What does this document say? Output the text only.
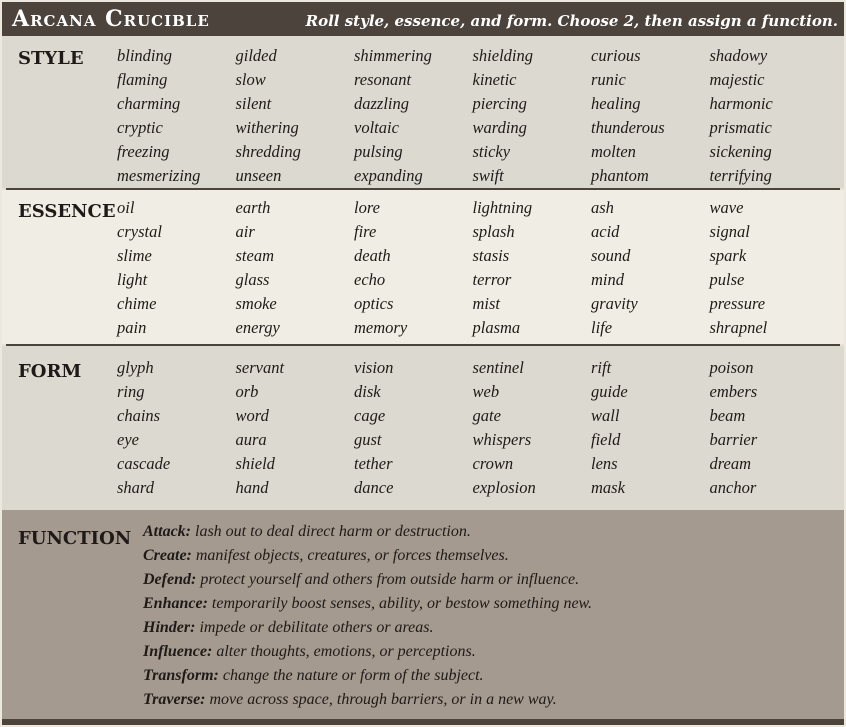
Arcana Crucible	Roll style, essence, and form. Choose 2, then assign a function.
STYLE blinding	gilded	shimmering	shielding	curious	shadowy
flaming	slow	resonant	kinetic	runic	majestic
charming	silent	dazzling	piercing	healing	harmonic
cryptic	withering	voltaic	warding	thunderous	prismatic
freezing	shredding	pulsing	sticky	molten	sickening
mesmerizing	unseen	expanding	swift	phantom	terrifying
ESSENCE oil	earth	lore	lightning	ash	wave
crystal	air	fire	splash	acid	signal
slime	steam	death	stasis	sound	spark
light	glass	echo	terror	mind	pulse
chime	smoke	optics	mist	gravity	pressure
pain	energy	memory	plasma	life	shrapnel
FORM glyph	servant	vision	sentinel	rift	poison
ring	orb	disk	web	guide	embers
chains	word	cage	gate	wall	beam
eye	aura	gust	whispers	field	barrier
cascade	shield	tether	crown	lens	dream
shard	hand	dance	explosion	mask	anchor
FUNCTION Attack: lash out to deal direct harm or destruction.
Create: manifest objects, creatures, or forces themselves.
Defend: protect yourself and others from outside harm or influence.
Enhance: temporarily boost senses, ability, or bestow something new.
Hinder: impede or debilitate others or areas.
Influence: alter thoughts, emotions, or perceptions.
Transform: change the nature or form of the subject.
Traverse: move across space, through barriers, or in a new way.
